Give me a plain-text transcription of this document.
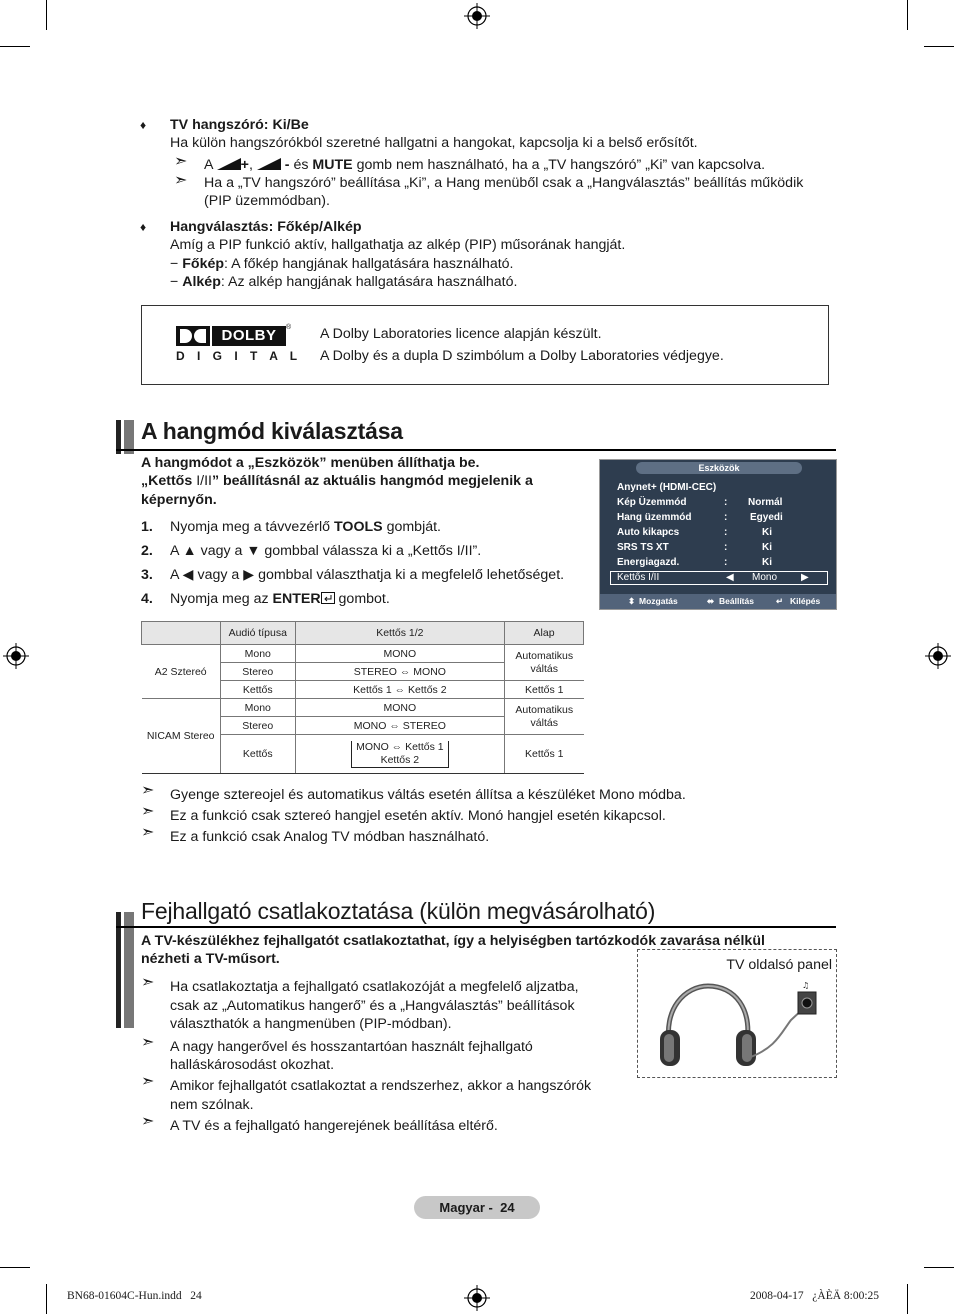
♦ TV hangszóró: Ki/Be
Ha külön hangszórókból szeretné hallgatni a hangokat, kapcsolja ki a belső erősítőt.
➣ A +, - és MUTE gomb nem használható, ha a „TV hangszóró” „Ki” van kapcsolva.
➣ Ha a „TV hangszóró” beállítása „Ki”, a Hang menüből csak a „Hangválasztás” beállítás működik
(PIP üzemmódban).
♦ Hangválasztás: Főkép/Alkép
Amíg a PIP funkció aktív, hallgathatja az alkép (PIP) műsorának hangját.
− Főkép: A főkép hangjának hallgatására használható.
− Alkép: Az alkép hangjának hallgatására használható.
DOLBY	®
D I G I T A L
A Dolby Laboratories licence alapján készült.
A Dolby és a dupla D szimbólum a Dolby Laboratories védjegye.
A hangmód kiválasztása
A hangmódot a „Eszközök” menüben állíthatja be.
„Kettős I/II” beállításnál az aktuális hangmód megjelenik a
képernyőn.
1. Nyomja meg a távvezérlő TOOLS gombját.
2. A ▲ vagy a ▼ gombbal válassza ki a „Kettős I/II”.
3. A ◀ vagy a ▶ gombbal választhatja ki a megfelelő lehetőséget.
4. Nyomja meg az ENTER gombot.
Eszközök
Anynet+ (HDMI-CEC)
Kép Üzemmód	: Normál
Hang üzemmód	: Egyedi
Auto kikapcs	:	Ki
SRS TS XT	:	Ki
Energiagazd.	:	Ki
Kettős I/II	◀ Mono ▶
⬍ Mozgatás	⬌ Beállítás	↵ Kilépés
	Audió típusa	Kettős 1/2	Alap
A2 Sztereó	Mono	MONO	Automatikus
váltás
	Stereo	STEREO ⇔ MONO	
	Kettős	Kettős 1 ⇔ Kettős 2	Kettős 1
NICAM Stereo	Mono	MONO	Automatikus
váltás
	Stereo	MONO ⇔ STEREO	
	Kettős	MONO ⇔ Kettős 1
Kettős 2	Kettős 1
➣ Gyenge sztereojel és automatikus váltás esetén állítsa a készüléket Mono módba.
➣ Ez a funkció csak sztereó hangjel esetén aktív. Monó hangjel esetén kikapcsol.
➣ Ez a funkció csak Analog TV módban használható.
Fejhallgató csatlakoztatása (külön megvásárolható)
A TV-készülékhez fejhallgatót csatlakoztathat, így a helyiségben tartózkodók zavarása nélkül
nézheti a TV-műsort.	TV oldalsó panel
♫
➣ Ha csatlakoztatja a fejhallgató csatlakozóját a megfelelő aljzatba,
csak az „Automatikus hangerő” és a „Hangválasztás” beállítások
választhatók a hangmenüben (PIP-módban).
➣ A nagy hangerővel és hosszantartóan használt fejhallgató
halláskárosodást okozhat.
➣ Amikor fejhallgatót csatlakoztat a rendszerhez, akkor a hangszórók
nem szólnak.
➣ A TV és a fejhallgató hangerejének beállítása eltérő.
Magyar -  24
BN68-01604C-Hun.indd   24	2008-04-17   ¿ÀÈÄ 8:00:25
